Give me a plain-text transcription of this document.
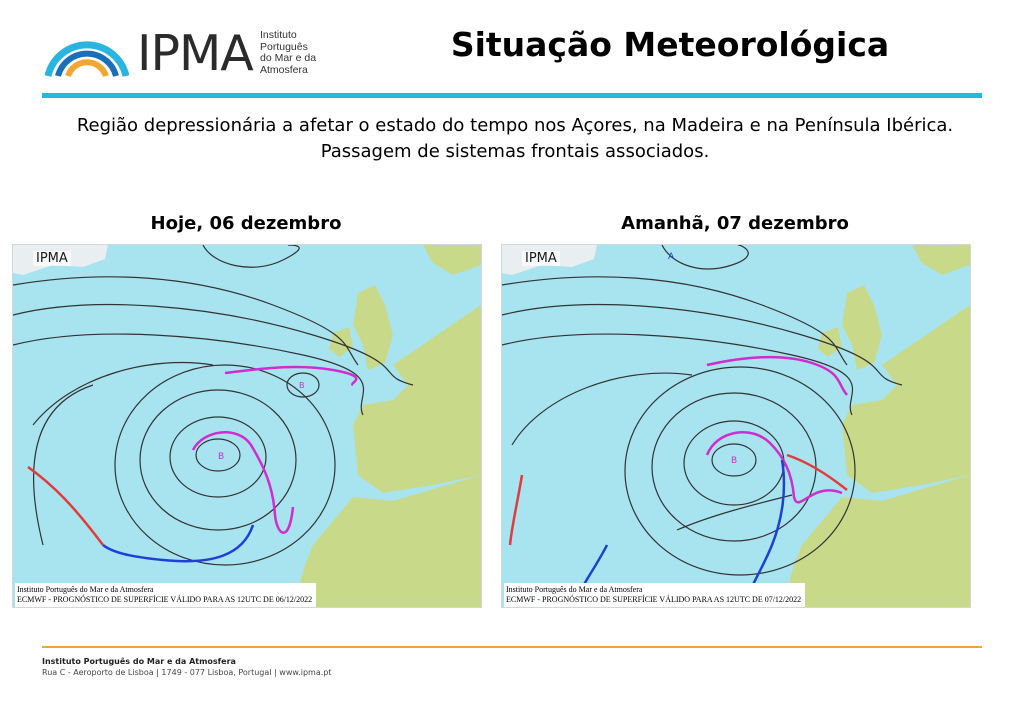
IPMA Instituto
Português
do Mar e da
Atmosfera
Situação Meteorológica
Região depressionária a afetar o estado do tempo nos Açores, na Madeira e na Península Ibérica. Passagem de sistemas frontais associados.
Hoje, 06 dezembro
B
B
IPMA
Instituto Português do Mar e da Atmosfera
ECMWF - PROGNÓSTICO DE SUPERFÍCIE VÁLIDO PARA AS 12UTC DE 06/12/2022
Amanhã, 07 dezembro
B
A
IPMA
Instituto Português do Mar e da Atmosfera
ECMWF - PROGNÓSTICO DE SUPERFÍCIE VÁLIDO PARA AS 12UTC DE 07/12/2022
Instituto Português do Mar e da Atmosfera
Rua C - Aeroporto de Lisboa | 1749 - 077 Lisboa, Portugal | www.ipma.pt
